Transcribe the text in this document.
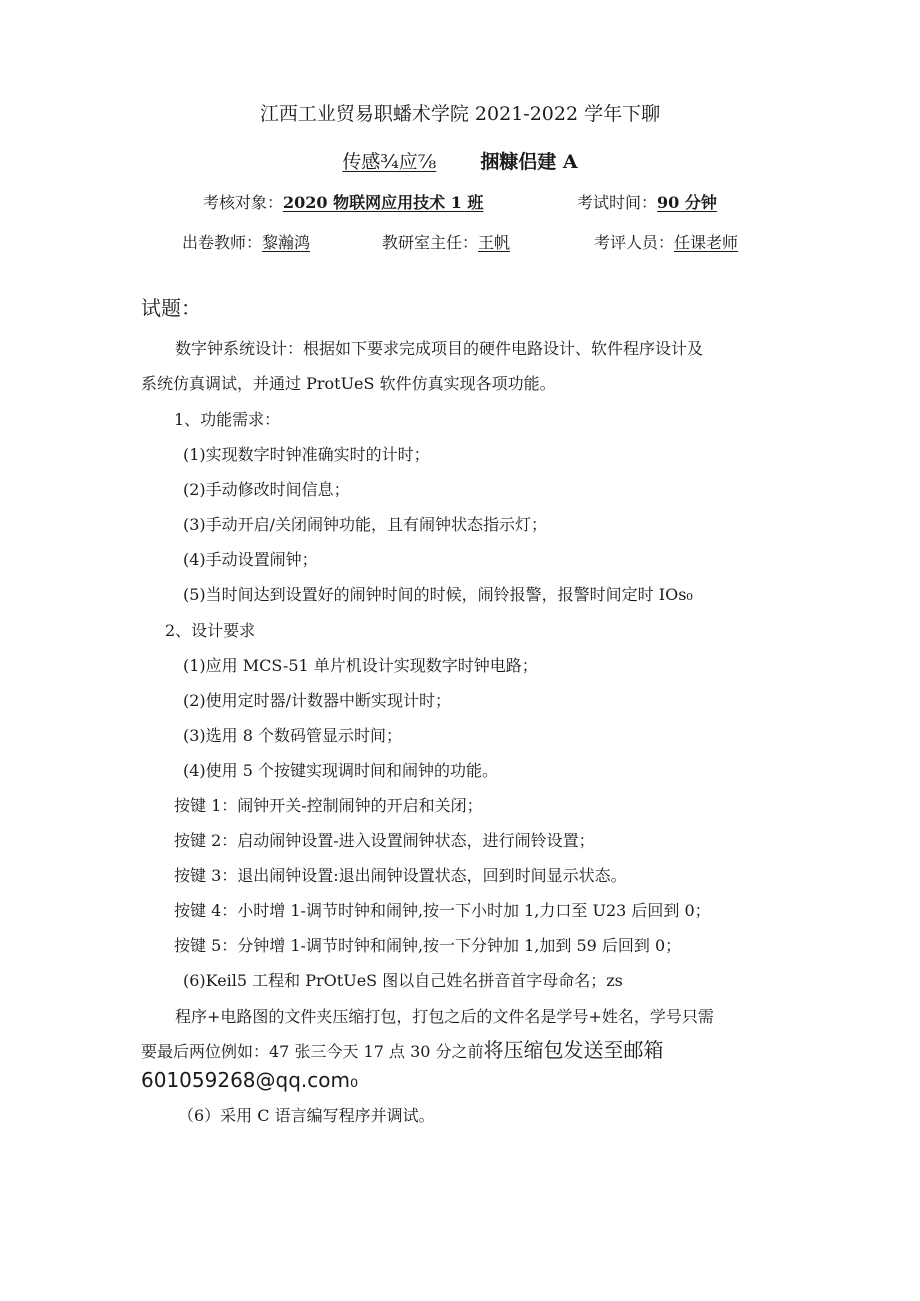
江西工业贸易职蟠术学院 2021-2022 学年下聊
传感¾应⅞ 捆糠侣建 A
考核对象：2020 物联网应用技术 1 班	考试时间：90 分钟
出卷教师：黎瀚鸿	教研室主任：王帆	考评人员：任课老师
试题：
数字钟系统设计：根据如下要求完成项目的硬件电路设计、软件程序设计及
系统仿真调试，并通过 ProtUeS 软件仿真实现各项功能。
1、功能需求：
(1)实现数字时钟准确实时的计时；
(2)手动修改时间信息；
(3)手动开启/关闭闹钟功能，且有闹钟状态指示灯；
(4)手动设置闹钟；
(5)当时间达到设置好的闹钟时间的时候，闹铃报警，报警时间定时 IOs₀
2、设计要求
(1)应用 MCS-51 单片机设计实现数字时钟电路；
(2)使用定时器/计数器中断实现计时；
(3)选用 8 个数码管显示时间；
(4)使用 5 个按键实现调时间和闹钟的功能。
按键 1：闹钟开关-控制闹钟的开启和关闭；
按键 2：启动闹钟设置-进入设置闹钟状态，进行闹铃设置；
按键 3：退出闹钟设置:退出闹钟设置状态，回到时间显示状态。
按键 4：小时增 1-调节时钟和闹钟,按一下小时加 1,力口至 U23 后回到 0；
按键 5：分钟增 1-调节时钟和闹钟,按一下分钟加 1,加到 59 后回到 0；
(6)Keil5 工程和 PrOtUeS 图以自己姓名拼音首字母命名；zs
程序+电路图的文件夹压缩打包，打包之后的文件名是学号+姓名，学号只需
要最后两位例如：47 张三今天 17 点 30 分之前将压缩包发送至邮箱
601059268@qq.com₀
（6）采用 C 语言编写程序并调试。
